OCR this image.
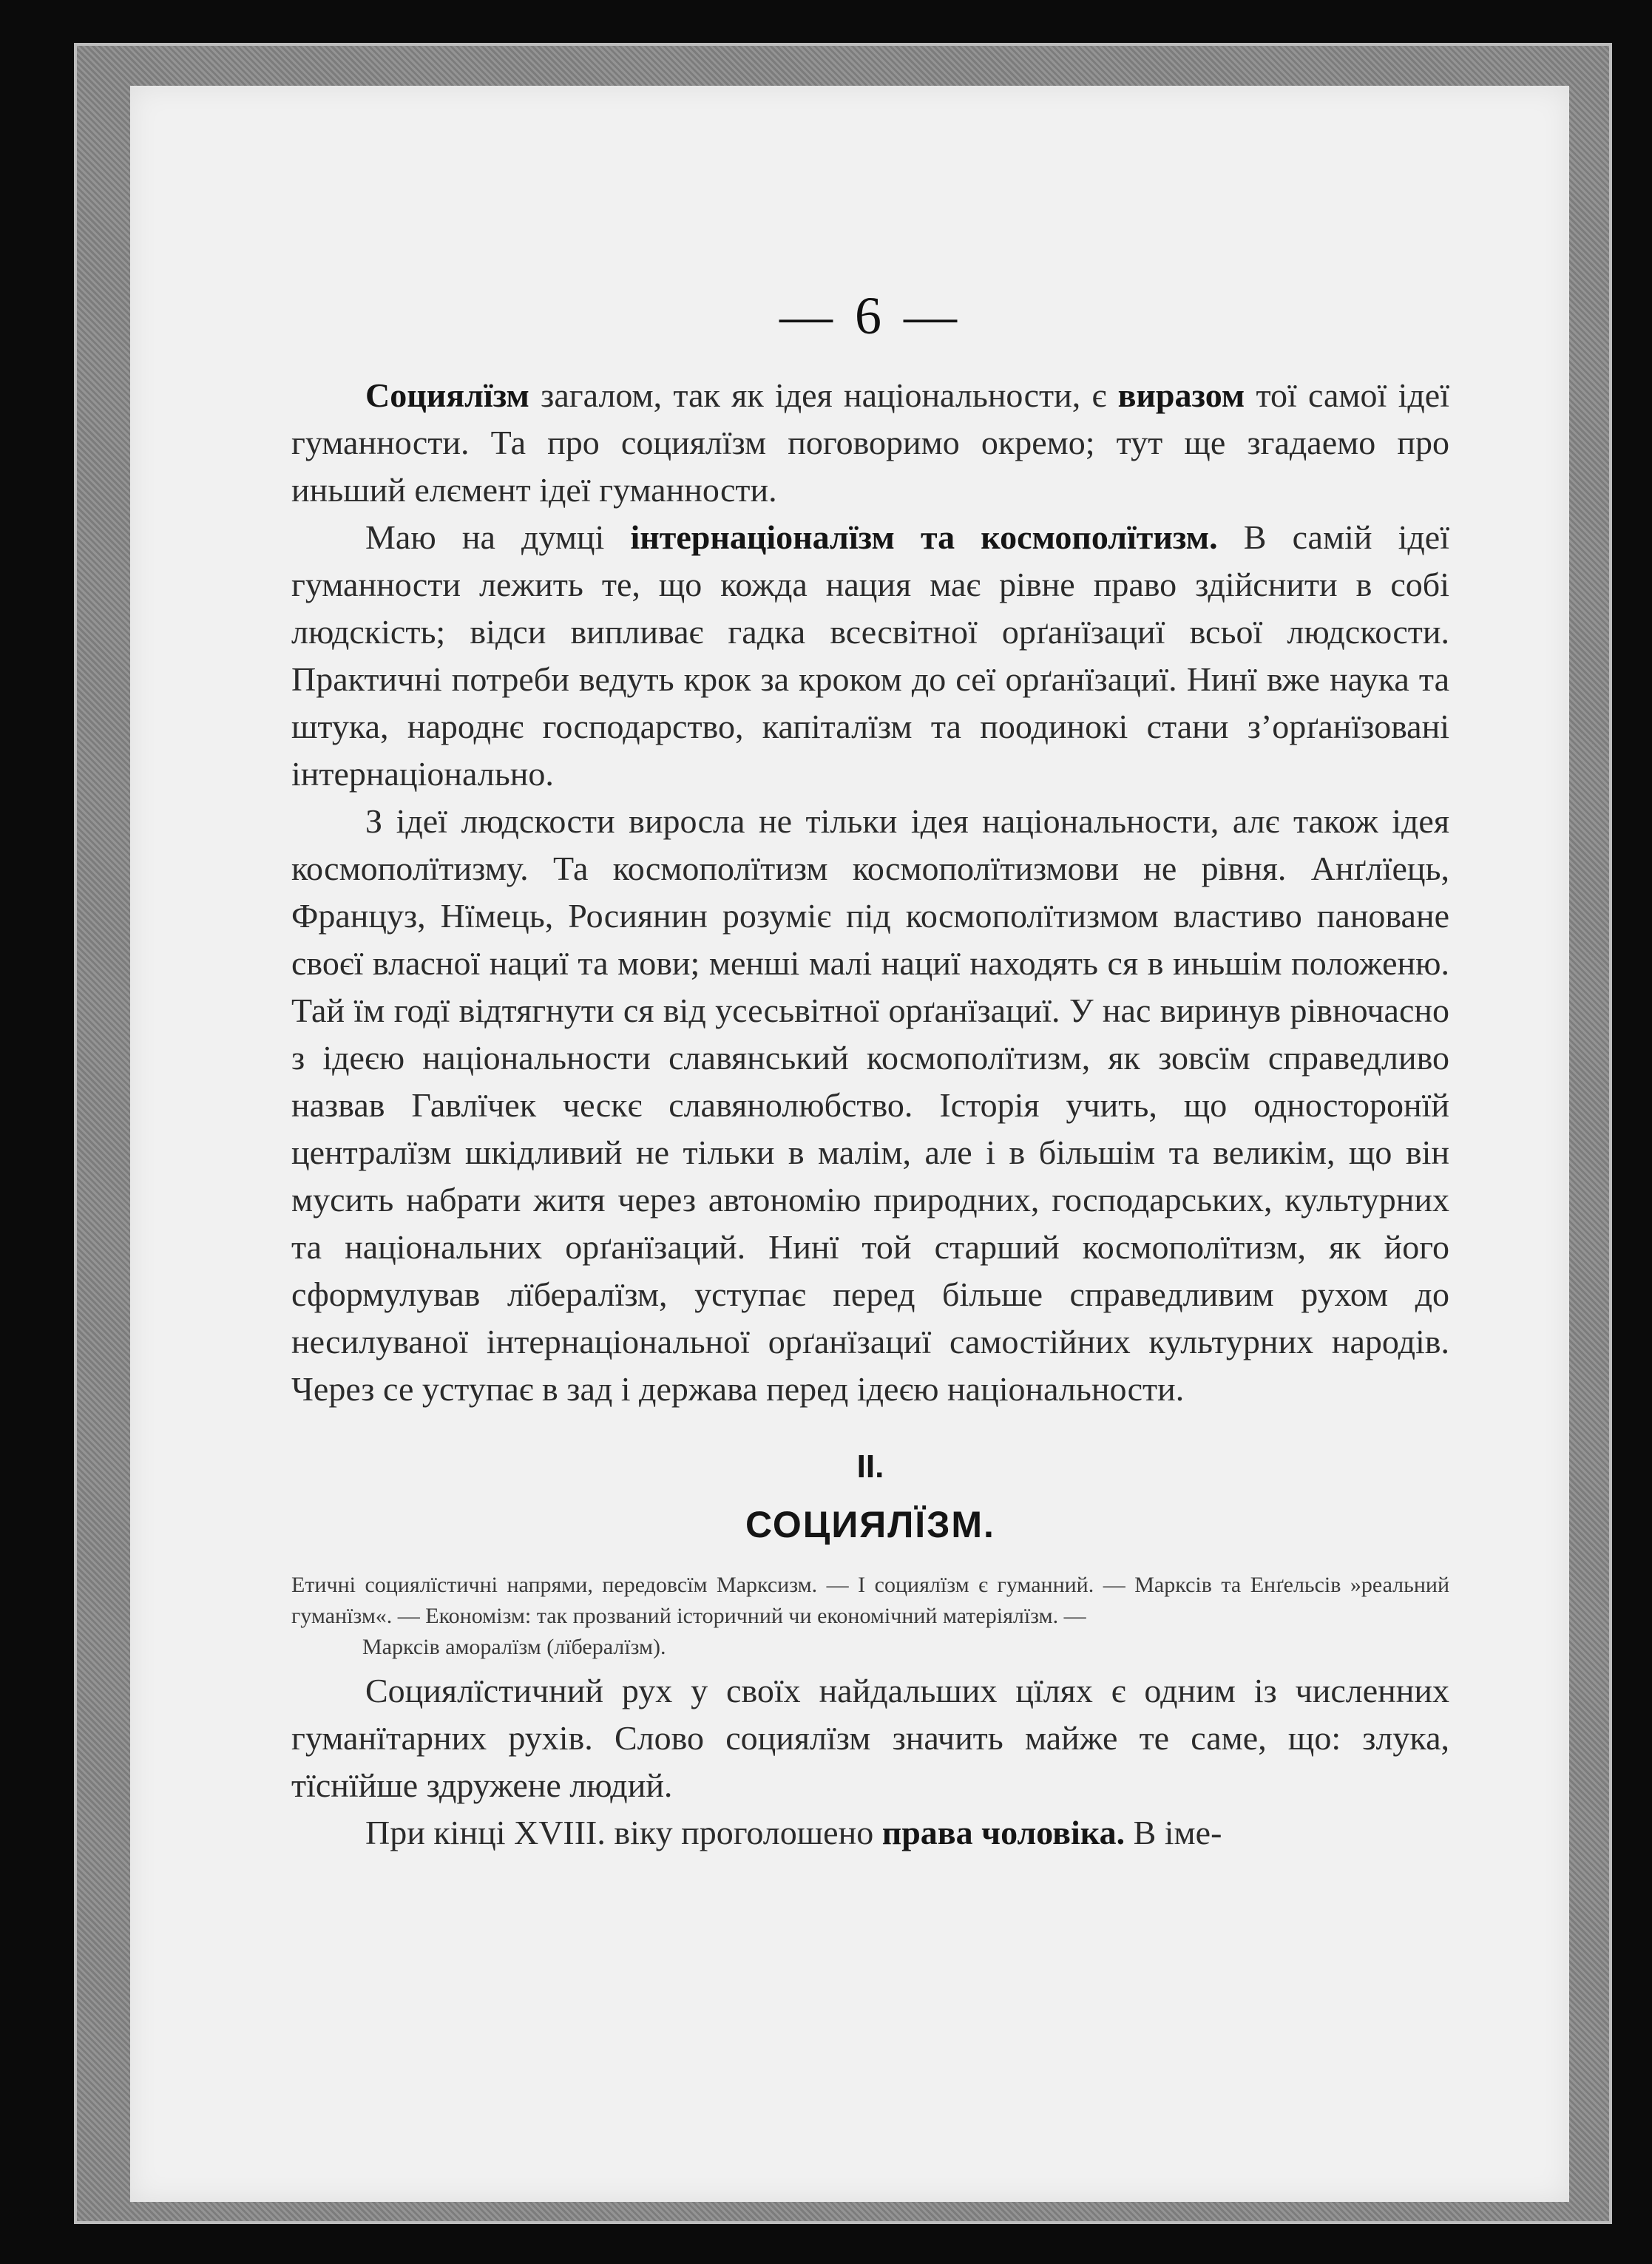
— 6 —

Социялїзм загалом, так як ідея національности, є виразом тої самої ідеї гуманности. Та про социялїзм поговоримо окремо; тут ще згадаемо про иньший елємент ідеї гуманности.

Маю на думці інтернаціоналїзм та космополїтизм. В самій ідеї гуманности лежить те, що кожда нация має рівне право здійснити в собі людскість; відси випливає гадка всесвітної орґанїзациї всьої людскости. Практичні потреби ведуть крок за кроком до сеї орґанїзациї. Нинї вже наука та штука, народнє господарство, капіталїзм та поодинокі стани з’орґанїзовані інтернаціонально.

З ідеї людскости виросла не тільки ідея національности, алє також ідея космополїтизму. Та космополїтизм космополїтизмови не рівня. Анґлїець, Француз, Нїмець, Росиянин розуміє під космополїтизмом властиво пановане своєї власної нациї та мови; менші малі нациї находять ся в иньшім положеню. Тай їм годї відтягнути ся від усесьвітної орґанїзациї. У нас виринув рівночасно з ідеєю національности славянський космополїтизм, як зовсїм справедливо назвав Гавлїчек ческє славянолюбство. Історія учить, що односторонїй централїзм шкідливий не тільки в малім, але і в більшім та великім, що він мусить набрати житя через автономію природних, господарських, культурних та національних орґанїзаций. Нинї той старший космополїтизм, як його сформулував лїбералїзм, уступає перед більше справедливим рухом до несилуваної інтернаціональної орґанїзациї самостійних культурних народів. Через се уступає в зад і держава перед ідеєю національности.

II.
СОЦИЯЛЇЗМ.
Етичні социялїстичні напрями, передовсїм Марксизм. — І социялїзм є гуманний. — Марксів та Енґельсів »реальний гуманїзм«. — Економізм: так прозваний історичний чи економічний матеріялїзм. —
Марксів аморалїзм (лїбералїзм).

Социялїстичний рух у своїх найдальших цїлях є одним із численних гуманїтарних рухів. Слово социялїзм значить майже те саме, що: злука, тїснїйше здружене людий.

При кінці XVIII. віку проголошено права чоловіка. В іме-
